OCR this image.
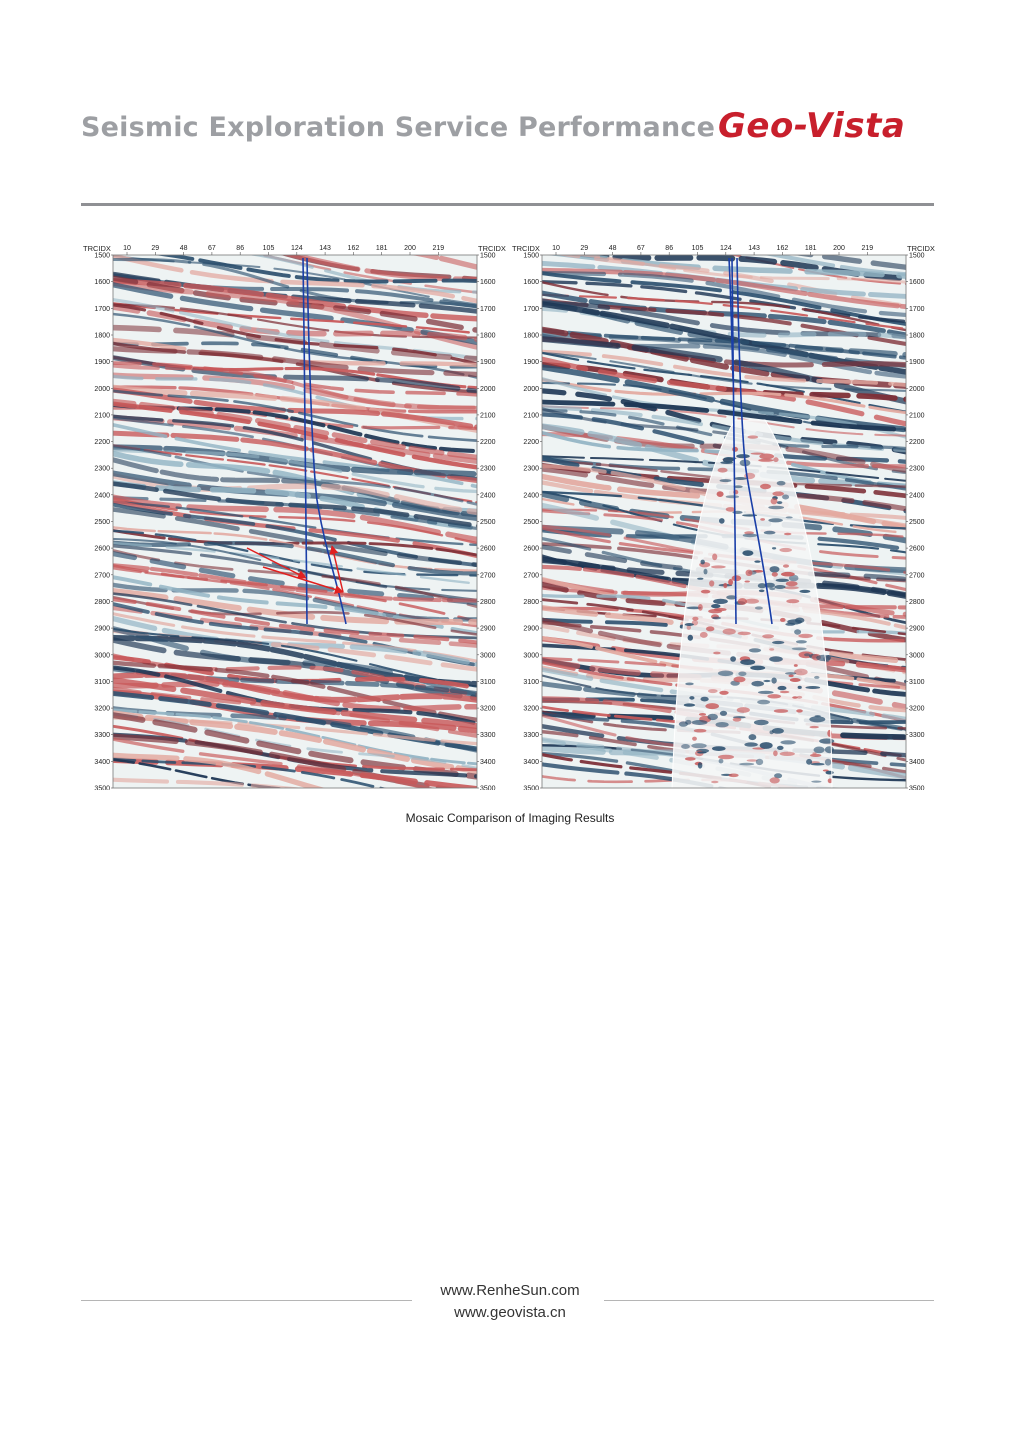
Seismic Exploration Service Performance Geo-Vista
TRCIDX	TRCIDX
10	29	48	67	86	105 124 143 162 181 200 219
1500	1500
1600	1600
1700	1700
1800	1800
1900	1900
2000	2000
2100	2100
2200	2200
2300	2300
2400	2400
2500	2500
2600	2600
2700	2700
2800	2800
2900	2900
3000	3000
3100	3100
3200	3200
3300	3300
3400	3400
3500	3500
TRCIDX	TRCIDX
10	29	48	67	86	105 124 143 162 181 200 219
1500	1500
1600	1600
1700	1700
1800	1800
1900	1900
2000	2000
2100	2100
2200	2200
2300	2300
2400	2400
2500	2500
2600	2600
2700	2700
2800	2800
2900	2900
3000	3000
3100	3100
3200	3200
3300	3300
3400	3400
3500	3500
Mosaic Comparison of Imaging Results
www.RenheSun.com
www.geovista.cn
